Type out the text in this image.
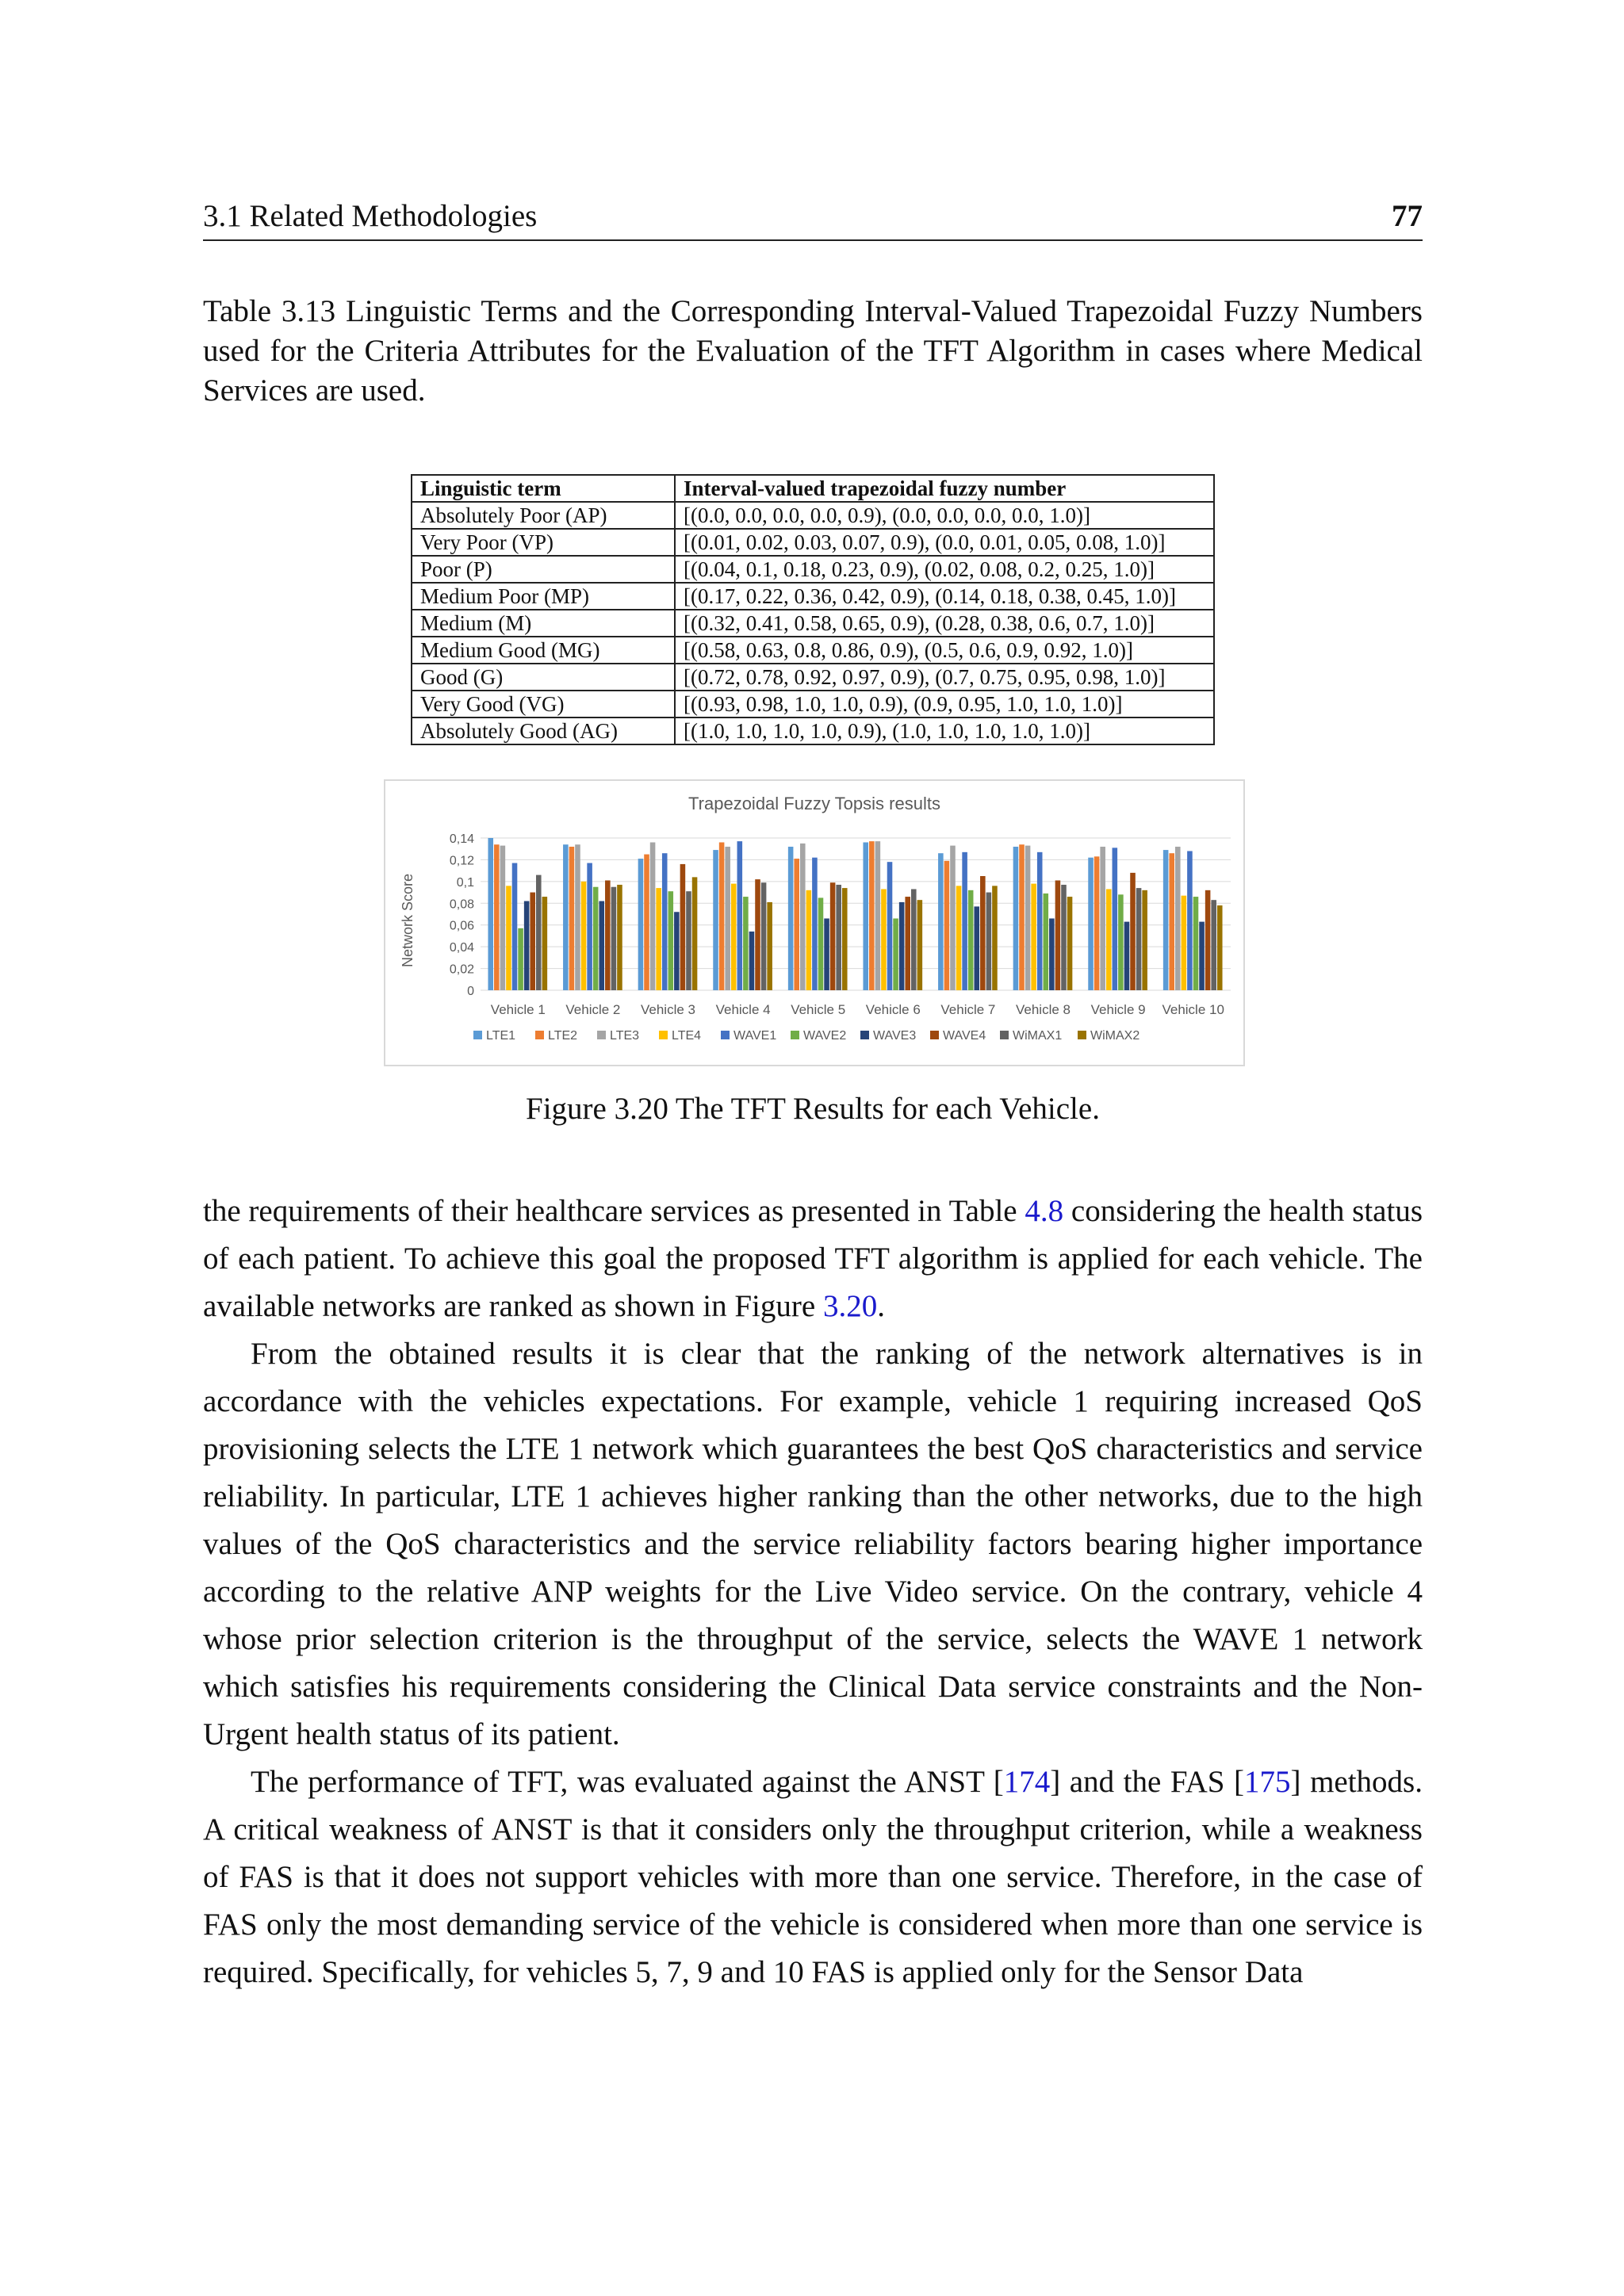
3.1 Related Methodologies	77
Table 3.13 Linguistic Terms and the Corresponding Interval-Valued Trapezoidal Fuzzy Numbers used for the Criteria Attributes for the Evaluation of the TFT Algorithm in cases where Medical Services are used.
Linguistic term	Interval-valued trapezoidal fuzzy number
Absolutely Poor (AP)	[(0.0, 0.0, 0.0, 0.0, 0.9), (0.0, 0.0, 0.0, 0.0, 1.0)]
Very Poor (VP)	[(0.01, 0.02, 0.03, 0.07, 0.9), (0.0, 0.01, 0.05, 0.08, 1.0)]
Poor (P)	[(0.04, 0.1, 0.18, 0.23, 0.9), (0.02, 0.08, 0.2, 0.25, 1.0)]
Medium Poor (MP)	[(0.17, 0.22, 0.36, 0.42, 0.9), (0.14, 0.18, 0.38, 0.45, 1.0)]
Medium (M)	[(0.32, 0.41, 0.58, 0.65, 0.9), (0.28, 0.38, 0.6, 0.7, 1.0)]
Medium Good (MG)	[(0.58, 0.63, 0.8, 0.86, 0.9), (0.5, 0.6, 0.9, 0.92, 1.0)]
Good (G)	[(0.72, 0.78, 0.92, 0.97, 0.9), (0.7, 0.75, 0.95, 0.98, 1.0)]
Very Good (VG)	[(0.93, 0.98, 1.0, 1.0, 0.9), (0.9, 0.95, 1.0, 1.0, 1.0)]
Absolutely Good (AG)	[(1.0, 1.0, 1.0, 1.0, 0.9), (1.0, 1.0, 1.0, 1.0, 1.0)]
Trapezoidal Fuzzy Topsis results
Network Score
0
0,02
0,04
0,06
0,08
0,1
0,12
0,14
Vehicle 1 Vehicle 2 Vehicle 3 Vehicle 4 Vehicle 5 Vehicle 6 Vehicle 7 Vehicle 8 Vehicle 9 Vehicle 10
LTE1	LTE2	LTE3	LTE4	WAVE1 WAVE2 WAVE3 WAVE4 WiMAX1 WiMAX2
Figure 3.20 The TFT Results for each Vehicle.

the requirements of their healthcare services as presented in Table 4.8 considering the health status of each patient. To achieve this goal the proposed TFT algorithm is applied for each vehicle. The available networks are ranked as shown in Figure 3.20.

From the obtained results it is clear that the ranking of the network alternatives is in accordance with the vehicles expectations. For example, vehicle 1 requiring increased QoS provisioning selects the LTE 1 network which guarantees the best QoS characteristics and service reliability. In particular, LTE 1 achieves higher ranking than the other networks, due to the high values of the QoS characteristics and the service reliability factors bearing higher importance according to the relative ANP weights for the Live Video service. On the contrary, vehicle 4 whose prior selection criterion is the throughput of the service, selects the WAVE 1 network which satisfies his requirements considering the Clinical Data service constraints and the Non-Urgent health status of its patient.

The performance of TFT, was evaluated against the ANST [174] and the FAS [175] methods. A critical weakness of ANST is that it considers only the throughput criterion, while a weakness of FAS is that it does not support vehicles with more than one service. Therefore, in the case of FAS only the most demanding service of the vehicle is considered when more than one service is required. Specifically, for vehicles 5, 7, 9 and 10 FAS is applied only for the Sensor Data
